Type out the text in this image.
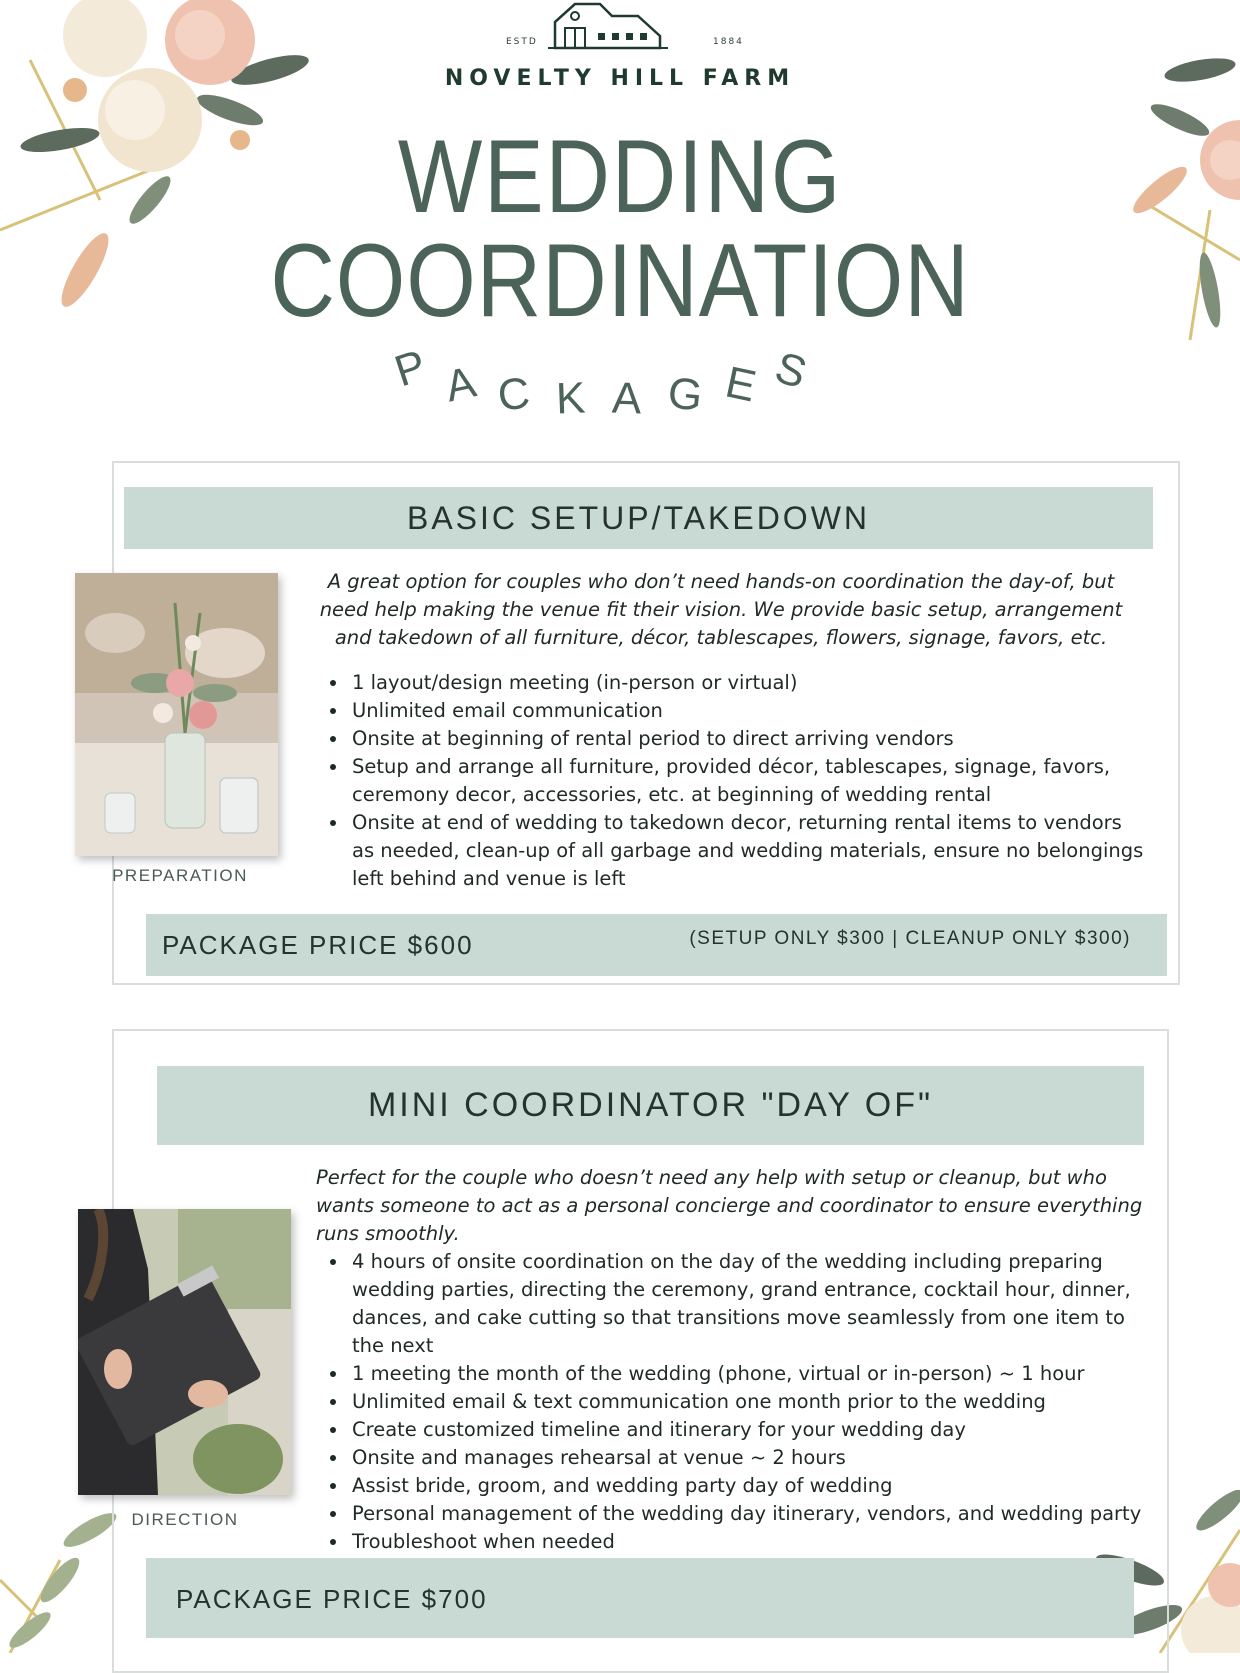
ESTD	1884
NOVELTY HILL FARM
WEDDING
COORDINATION
P A C K A G E S
BASIC SETUP/TAKEDOWN
PREPARATION
A great option for couples who don’t need hands-on coordination the day-of, but need help making the venue fit their vision. We provide basic setup, arrangement and takedown of all furniture, décor, tablescapes, flowers, signage, favors, etc.
1 layout/design meeting (in-person or virtual)
Unlimited email communication
Onsite at beginning of rental period to direct arriving vendors
Setup and arrange all furniture, provided décor, tablescapes, signage, favors, ceremony decor, accessories, etc. at beginning of wedding rental
Onsite at end of wedding to takedown decor, returning rental items to vendors as needed, clean-up of all garbage and wedding materials, ensure no belongings left behind and venue is left
PACKAGE PRICE $600	(SETUP ONLY $300 | CLEANUP ONLY $300)
MINI COORDINATOR "DAY OF"
Perfect for the couple who doesn’t need any help with setup or cleanup, but who wants someone to act as a personal concierge and coordinator to ensure everything runs smoothly.
DIRECTION
4 hours of onsite coordination on the day of the wedding including preparing wedding parties, directing the ceremony, grand entrance, cocktail hour, dinner, dances, and cake cutting so that transitions move seamlessly from one item to the next
1 meeting the month of the wedding (phone, virtual or in-person) ~ 1 hour
Unlimited email & text communication one month prior to the wedding
Create customized timeline and itinerary for your wedding day
Onsite and manages rehearsal at venue ~ 2 hours
Assist bride, groom, and wedding party day of wedding
Personal management of the wedding day itinerary, vendors, and wedding party
Troubleshoot when needed
PACKAGE PRICE $700
